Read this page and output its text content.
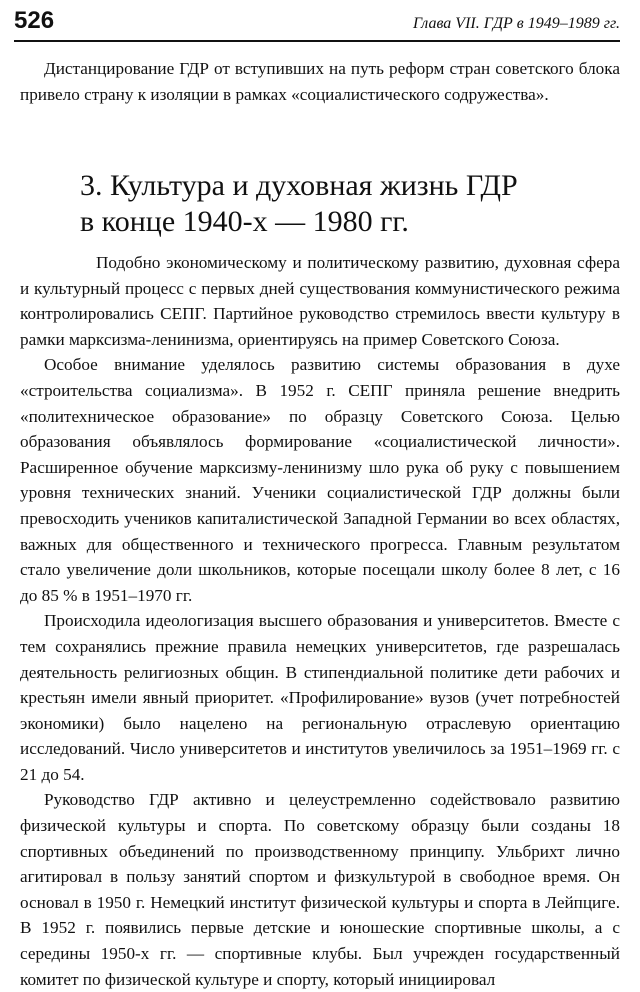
526	Глава VII. ГДР в 1949–1989 гг.
Дистанцирование ГДР от вступивших на путь реформ стран советского блока привело страну к изоляции в рамках «социалистического содружества».
3. Культура и духовная жизнь ГДР
в конце 1940-х — 1980 гг.

Подобно экономическому и политическому развитию, духовная сфера и культурный процесс с первых дней существования коммунистического режима контролировались СЕПГ. Партийное руководство стремилось ввести культуру в рамки марксизма-ленинизма, ориентируясь на пример Советского Союза.

Особое внимание уделялось развитию системы образования в духе «строительства социализма». В 1952 г. СЕПГ приняла решение внедрить «политехническое образование» по образцу Советского Союза. Целью образования объявлялось формирование «социалистической личности». Расширенное обучение марксизму-ленинизму шло рука об руку с повышением уровня технических знаний. Ученики социалистической ГДР должны были превосходить учеников капиталистической Западной Германии во всех областях, важных для общественного и технического прогресса. Главным результатом стало увеличение доли школьников, которые посещали школу более 8 лет, с 16 до 85 % в 1951–1970 гг.

Происходила идеологизация высшего образования и университетов. Вместе с тем сохранялись прежние правила немецких университетов, где разрешалась деятельность религиозных общин. В стипендиальной политике дети рабочих и крестьян имели явный приоритет. «Профилирование» вузов (учет потребностей экономики) было нацелено на региональную отраслевую ориентацию исследований. Число университетов и институтов увеличилось за 1951–1969 гг. с 21 до 54.

Руководство ГДР активно и целеустремленно содействовало развитию физической культуры и спорта. По советскому образцу были созданы 18 спортивных объединений по производственному принципу. Ульбрихт лично агитировал в пользу занятий спортом и физкультурой в свободное время. Он основал в 1950 г. Немецкий институт физической культуры и спорта в Лейпциге. В 1952 г. появились первые детские и юношеские спортивные школы, а с середины 1950-х гг. — спортивные клубы. Был учрежден государственный комитет по физической культуре и спорту, который инициировал
